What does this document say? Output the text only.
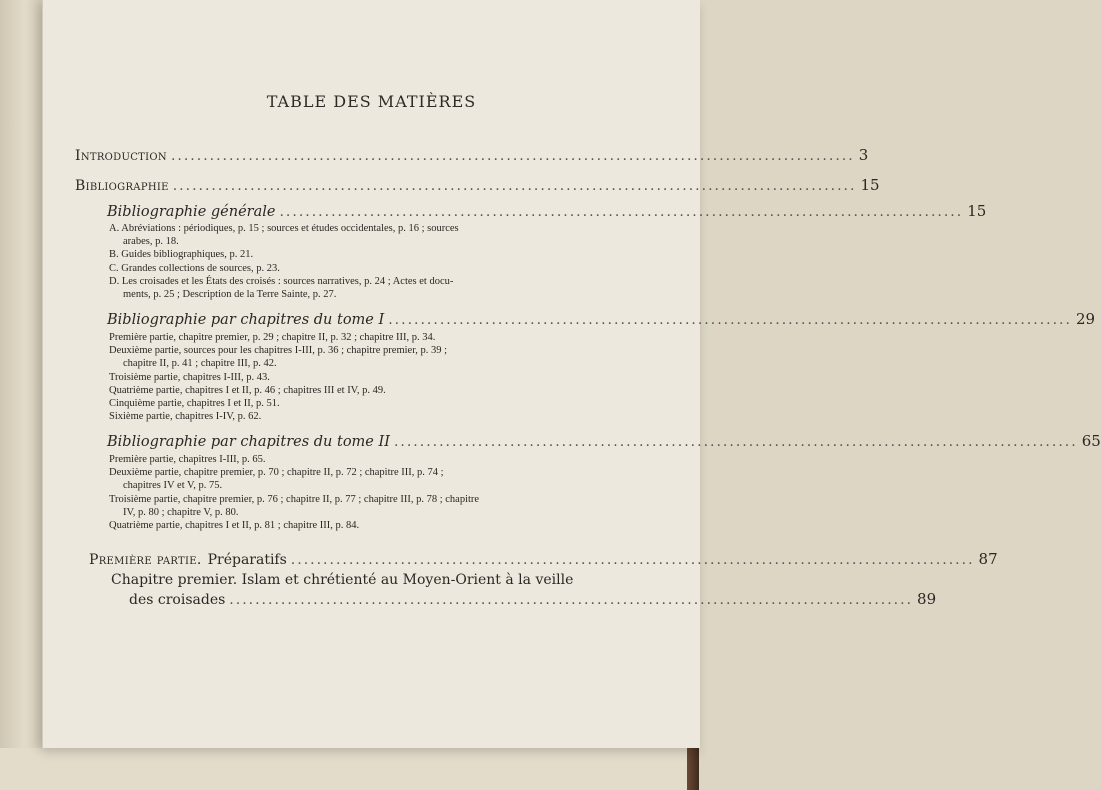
TABLE DES MATIÈRES
Introduction .......................................................................................................... 3
Bibliographie .......................................................................................................... 15
Bibliographie générale .......................................................................................................... 15
A. Abréviations : périodiques, p. 15 ; sources et études occidentales, p. 16 ; sources
arabes, p. 18.
B. Guides bibliographiques, p. 21.
C. Grandes collections de sources, p. 23.
D. Les croisades et les États des croisés : sources narratives, p. 24 ; Actes et docu-
ments, p. 25 ; Description de la Terre Sainte, p. 27.
Bibliographie par chapitres du tome I .......................................................................................................... 29
Première partie, chapitre premier, p. 29 ; chapitre II, p. 32 ; chapitre III, p. 34.
Deuxième partie, sources pour les chapitres I-III, p. 36 ; chapitre premier, p. 39 ;
chapitre II, p. 41 ; chapitre III, p. 42.
Troisième partie, chapitres I-III, p. 43.
Quatrième partie, chapitres I et II, p. 46 ; chapitres III et IV, p. 49.
Cinquième partie, chapitres I et II, p. 51.
Sixième partie, chapitres I-IV, p. 62.
Bibliographie par chapitres du tome II .......................................................................................................... 65
Première partie, chapitres I-III, p. 65.
Deuxième partie, chapitre premier, p. 70 ; chapitre II, p. 72 ; chapitre III, p. 74 ;
chapitres IV et V, p. 75.
Troisième partie, chapitre premier, p. 76 ; chapitre II, p. 77 ; chapitre III, p. 78 ; chapitre
IV, p. 80 ; chapitre V, p. 80.
Quatrième partie, chapitres I et II, p. 81 ; chapitre III, p. 84.
Première partie. Préparatifs .......................................................................................................... 87
Chapitre premier. Islam et chrétienté au Moyen-Orient à la veille
des croisades .......................................................................................................... 89
